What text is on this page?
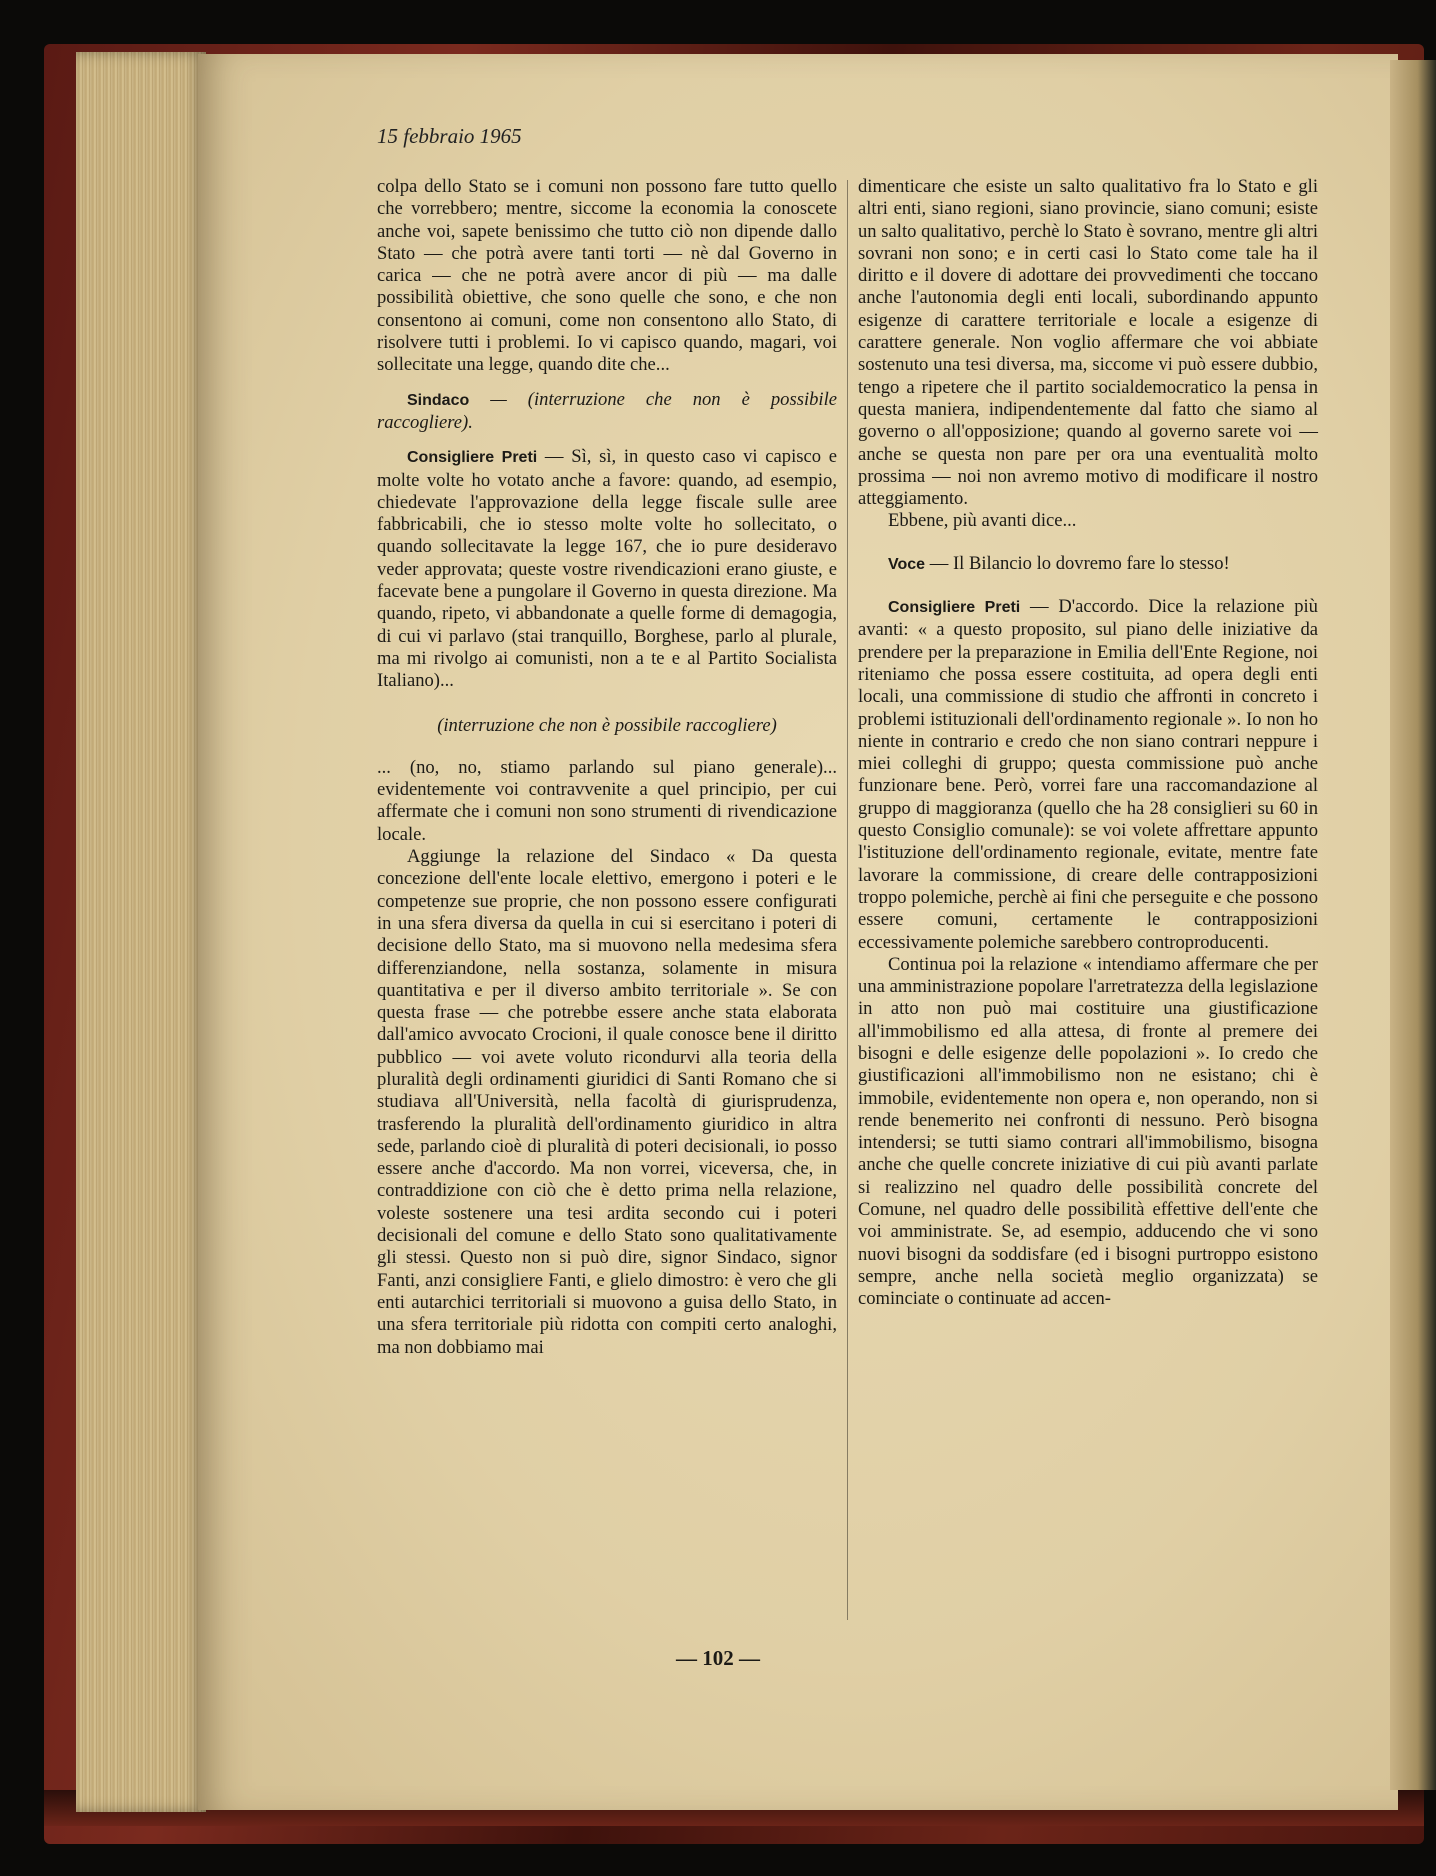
15 febbraio 1965

colpa dello Stato se i comuni non possono fare tutto quello che vorrebbero; mentre, siccome la economia la conoscete anche voi, sapete benissimo che tutto ciò non dipende dallo Stato — che potrà avere tanti torti — nè dal Governo in carica — che ne potrà avere ancor di più — ma dalle possibilità obiettive, che sono quelle che sono, e che non consentono ai comuni, come non consentono allo Stato, di risolvere tutti i problemi. Io vi capisco quando, magari, voi sollecitate una legge, quando dite che...

Sindaco — (interruzione che non è possibile raccogliere).

Consigliere Preti — Sì, sì, in questo caso vi capisco e molte volte ho votato anche a favore: quando, ad esempio, chiedevate l'approvazione della legge fiscale sulle aree fabbricabili, che io stesso molte volte ho sollecitato, o quando sollecitavate la legge 167, che io pure desideravo veder approvata; queste vostre rivendicazioni erano giuste, e facevate bene a pungolare il Governo in questa direzione. Ma quando, ripeto, vi abbandonate a quelle forme di demagogia, di cui vi parlavo (stai tranquillo, Borghese, parlo al plurale, ma mi rivolgo ai comunisti, non a te e al Partito Socialista Italiano)...

(interruzione che non è possibile raccogliere)

... (no, no, stiamo parlando sul piano generale)... evidentemente voi contravvenite a quel principio, per cui affermate che i comuni non sono strumenti di rivendicazione locale.

Aggiunge la relazione del Sindaco « Da questa concezione dell'ente locale elettivo, emergono i poteri e le competenze sue proprie, che non possono essere configurati in una sfera diversa da quella in cui si esercitano i poteri di decisione dello Stato, ma si muovono nella medesima sfera differenziandone, nella sostanza, solamente in misura quantitativa e per il diverso ambito territoriale ». Se con questa frase — che potrebbe essere anche stata elaborata dall'amico avvocato Crocioni, il quale conosce bene il diritto pubblico — voi avete voluto ricondurvi alla teoria della pluralità degli ordinamenti giuridici di Santi Romano che si studiava all'Università, nella facoltà di giurisprudenza, trasferendo la pluralità dell'ordinamento giuridico in altra sede, parlando cioè di pluralità di poteri decisionali, io posso essere anche d'accordo. Ma non vorrei, viceversa, che, in contraddizione con ciò che è detto prima nella relazione, voleste sostenere una tesi ardita secondo cui i poteri decisionali del comune e dello Stato sono qualitativamente gli stessi. Questo non si può dire, signor Sindaco, signor Fanti, anzi consigliere Fanti, e glielo dimostro: è vero che gli enti autarchici territoriali si muovono a guisa dello Stato, in una sfera territoriale più ridotta con compiti certo analoghi, ma non dobbiamo mai

dimenticare che esiste un salto qualitativo fra lo Stato e gli altri enti, siano regioni, siano provincie, siano comuni; esiste un salto qualitativo, perchè lo Stato è sovrano, mentre gli altri sovrani non sono; e in certi casi lo Stato come tale ha il diritto e il dovere di adottare dei provvedimenti che toccano anche l'autonomia degli enti locali, subordinando appunto esigenze di carattere territoriale e locale a esigenze di carattere generale. Non voglio affermare che voi abbiate sostenuto una tesi diversa, ma, siccome vi può essere dubbio, tengo a ripetere che il partito socialdemocratico la pensa in questa maniera, indipendentemente dal fatto che siamo al governo o all'opposizione; quando al governo sarete voi — anche se questa non pare per ora una eventualità molto prossima — noi non avremo motivo di modificare il nostro atteggiamento.

Ebbene, più avanti dice...

Voce — Il Bilancio lo dovremo fare lo stesso!

Consigliere Preti — D'accordo. Dice la relazione più avanti: « a questo proposito, sul piano delle iniziative da prendere per la preparazione in Emilia dell'Ente Regione, noi riteniamo che possa essere costituita, ad opera degli enti locali, una commissione di studio che affronti in concreto i problemi istituzionali dell'ordinamento regionale ». Io non ho niente in contrario e credo che non siano contrari neppure i miei colleghi di gruppo; questa commissione può anche funzionare bene. Però, vorrei fare una raccomandazione al gruppo di maggioranza (quello che ha 28 consiglieri su 60 in questo Consiglio comunale): se voi volete affrettare appunto l'istituzione dell'ordinamento regionale, evitate, mentre fate lavorare la commissione, di creare delle contrapposizioni troppo polemiche, perchè ai fini che perseguite e che possono essere comuni, certamente le contrapposizioni eccessivamente polemiche sarebbero controproducenti.

Continua poi la relazione « intendiamo affermare che per una amministrazione popolare l'arretratezza della legislazione in atto non può mai costituire una giustificazione all'immobilismo ed alla attesa, di fronte al premere dei bisogni e delle esigenze delle popolazioni ». Io credo che giustificazioni all'immobilismo non ne esistano; chi è immobile, evidentemente non opera e, non operando, non si rende benemerito nei confronti di nessuno. Però bisogna intendersi; se tutti siamo contrari all'immobilismo, bisogna anche che quelle concrete iniziative di cui più avanti parlate si realizzino nel quadro delle possibilità concrete del Comune, nel quadro delle possibilità effettive dell'ente che voi amministrate. Se, ad esempio, adducendo che vi sono nuovi bisogni da soddisfare (ed i bisogni purtroppo esistono sempre, anche nella società meglio organizzata) se cominciate o continuate ad accen-

— 102 —
